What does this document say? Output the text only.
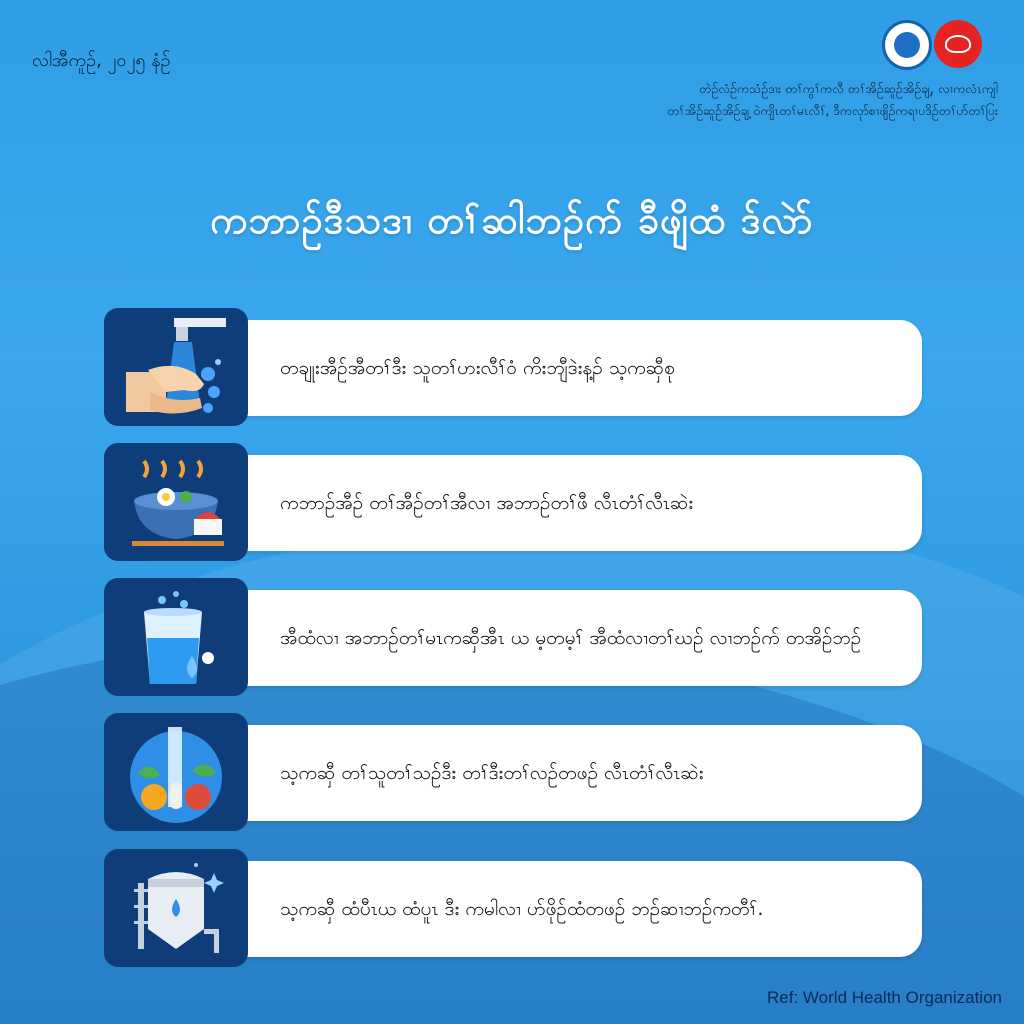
လါအီကူဉ်, ၂၀၂၅ နံဉ်
တဲဉ်လံဉ်ကသံဉ်ဒၢး တၢ်ကွၢ်ကလီ တၢ်အိဉ်ဆူဉ်အိဉ်ချ့, လၢကလံၤကျါ
တၢ်အိဉ်ဆူဉ်အိဉ်ချ့ ဝဲကျိၤတၢ်မၤလီၢ်, ဒီကလုာ်စၢဖျိဉ်ကရၢပဒိဉ်တၢ်ပာ်တၢ်ပြး
ကဘာဉ်ဒီသဒၢ တၢ်ဆါဘဉ်ဂာ် ခီဖျိထံ ဒ်လဲာ်
တချုးအီဉ်အီတၢ်ဒီး သူတၢ်ဟးလီၢ်ဝံ ကိးဘျီဒဲးန့ၣ် သ့ကဆှီစု
ကဘာဉ်အီဉ် တၢ်အီဉ်တၢ်အီလၢ အဘာဉ်တၢ်ဖီ လီၤတံၢ်လီၤဆဲး
အီထံလၢ အဘာဉ်တၢ်မၤကဆှီအီၤ ယ မ့တမ့ၢ် အီထံလၢတၢ်ဃဉ် လၢဘဉ်ဂာ် တအိဉ်ဘဉ်
သ့ကဆှီ တၢ်သူတၢ်သဉ်ဒီး တၢ်ဒီးတၢ်လဉ်တဖဉ် လီၤတံၢ်လီၤဆဲး
သ့ကဆှီ ထံပီၤယ ထံပူၤ ဒီး ကမါလၢ ပာ်ဖိုဉ်ထံတဖဉ် ဘဉ်ဆၢဘဉ်ကတီၢ်.
Ref: World Health Organization
